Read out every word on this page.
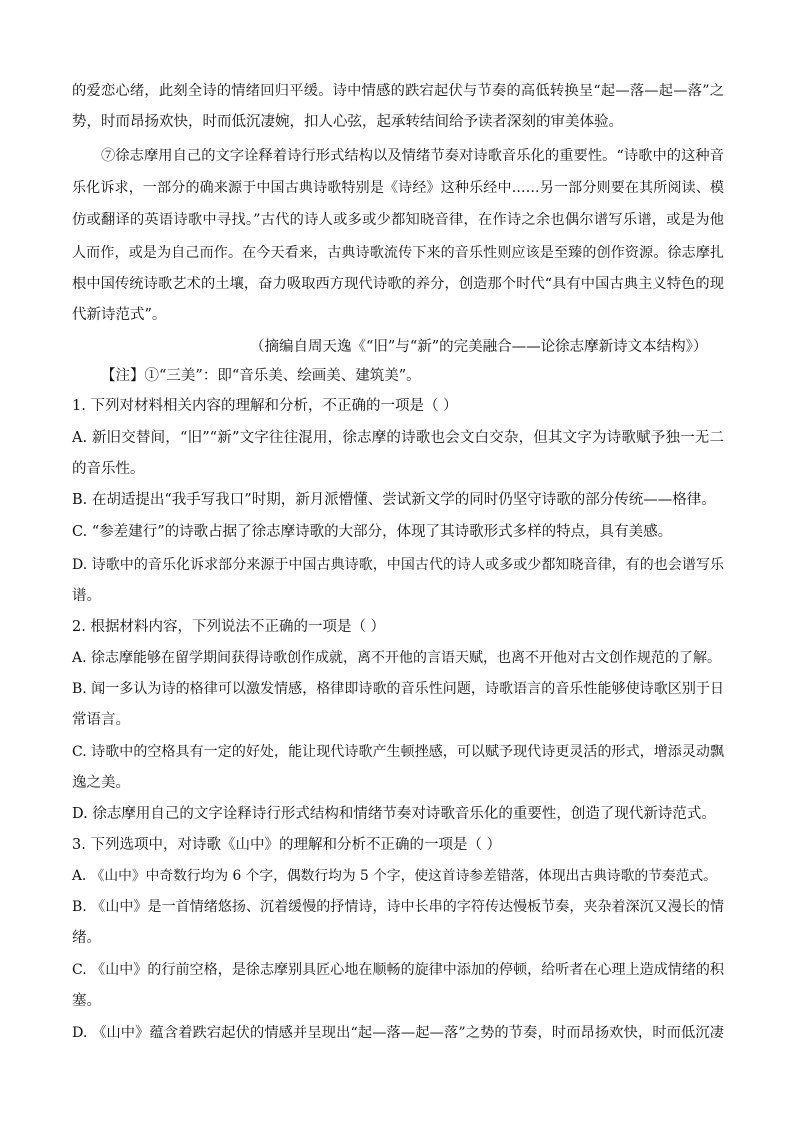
的爱恋心绪，此刻全诗的情绪回归平缓。诗中情感的跌宕起伏与节奏的高低转换呈“起—落—起—落”之
势，时而昂扬欢快，时而低沉凄婉，扣人心弦，起承转结间给予读者深刻的审美体验。
⑦徐志摩用自己的文字诠释着诗行形式结构以及情绪节奏对诗歌音乐化的重要性。“诗歌中的这种音
乐化诉求，一部分的确来源于中国古典诗歌特别是《诗经》这种乐经中……另一部分则要在其所阅读、模
仿或翻译的英语诗歌中寻找。”古代的诗人或多或少都知晓音律，在作诗之余也偶尔谱写乐谱，或是为他
人而作，或是为自己而作。在今天看来，古典诗歌流传下来的音乐性则应该是至臻的创作资源。徐志摩扎
根中国传统诗歌艺术的土壤，奋力吸取西方现代诗歌的养分，创造那个时代“具有中国古典主义特色的现
代新诗范式”。
（摘编自周天逸《“旧”与“新”的完美融合——论徐志摩新诗文本结构》）
【注】①“三美”：即“音乐美、绘画美、建筑美”。
1. 下列对材料相关内容的理解和分析，不正确的一项是（ ）
A. 新旧交替间，“旧”“新”文字往往混用，徐志摩的诗歌也会文白交杂，但其文字为诗歌赋予独一无二
的音乐性。
B. 在胡适提出“我手写我口”时期，新月派懵懂、尝试新文学的同时仍坚守诗歌的部分传统——格律。
C. “参差建行”的诗歌占据了徐志摩诗歌的大部分，体现了其诗歌形式多样的特点，具有美感。
D. 诗歌中的音乐化诉求部分来源于中国古典诗歌，中国古代的诗人或多或少都知晓音律，有的也会谱写乐
谱。
2. 根据材料内容，下列说法不正确的一项是（ ）
A. 徐志摩能够在留学期间获得诗歌创作成就，离不开他的言语天赋，也离不开他对古文创作规范的了解。
B. 闻一多认为诗的格律可以激发情感，格律即诗歌的音乐性问题，诗歌语言的音乐性能够使诗歌区别于日
常语言。
C. 诗歌中的空格具有一定的好处，能让现代诗歌产生顿挫感，可以赋予现代诗更灵活的形式，增添灵动飘
逸之美。
D. 徐志摩用自己的文字诠释诗行形式结构和情绪节奏对诗歌音乐化的重要性，创造了现代新诗范式。
3. 下列选项中，对诗歌《山中》的理解和分析不正确的一项是（ ）
A. 《山中》中奇数行均为 6 个字，偶数行均为 5 个字，使这首诗参差错落，体现出古典诗歌的节奏范式。
B. 《山中》是一首情绪悠扬、沉着缓慢的抒情诗，诗中长串的字符传达慢板节奏，夹杂着深沉又漫长的情
绪。
C. 《山中》的行前空格，是徐志摩别具匠心地在顺畅的旋律中添加的停顿，给听者在心理上造成情绪的积
塞。
D. 《山中》蕴含着跌宕起伏的情感并呈现出“起—落—起—落”之势的节奏，时而昂扬欢快，时而低沉凄
